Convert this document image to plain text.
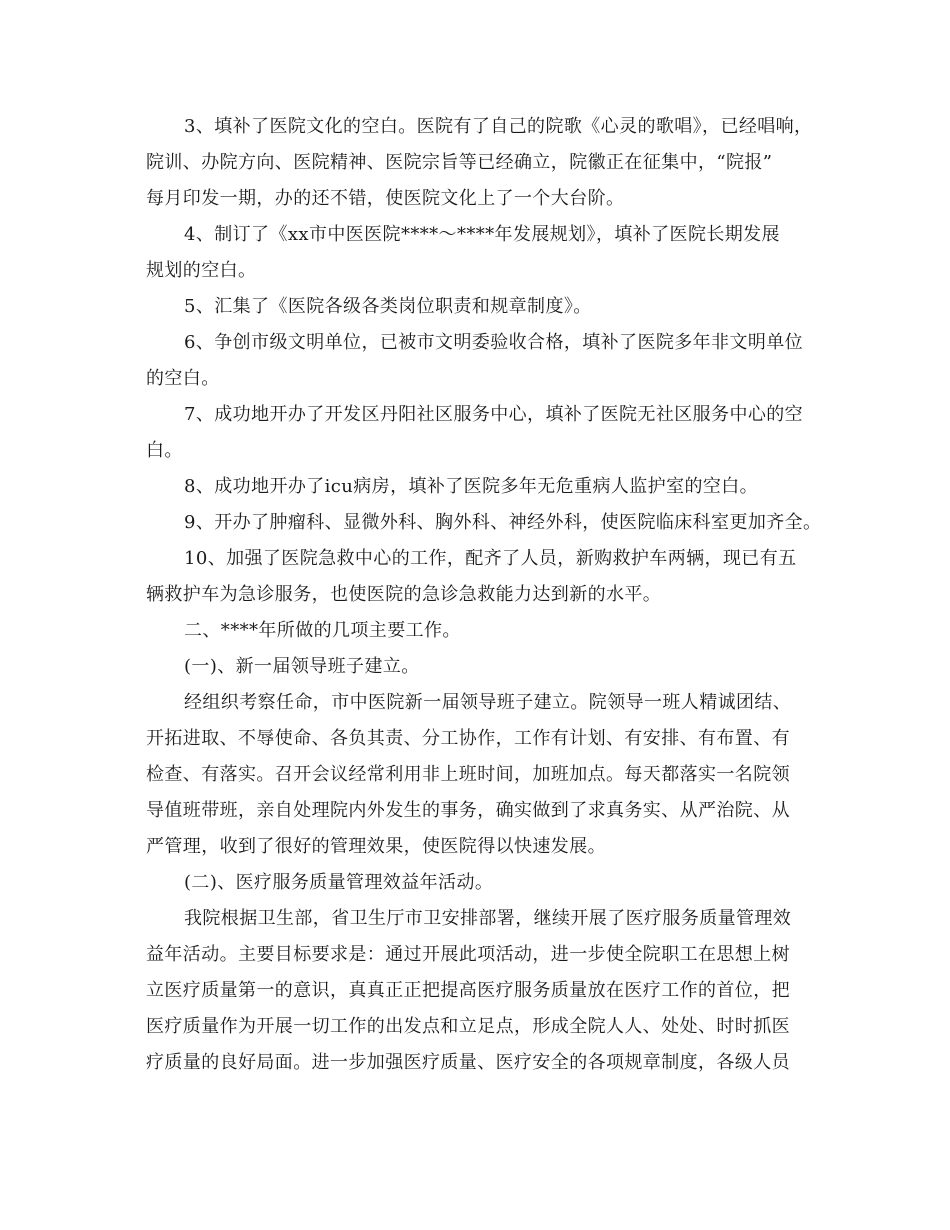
3、填补了医院文化的空白。医院有了自己的院歌《心灵的歌唱》，已经唱响，
院训、办院方向、医院精神、医院宗旨等已经确立，院徽正在征集中，“院报”
每月印发一期，办的还不错，使医院文化上了一个大台阶。
4、制订了《xx市中医医院****～****年发展规划》，填补了医院长期发展
规划的空白。
5、汇集了《医院各级各类岗位职责和规章制度》。
6、争创市级文明单位，已被市文明委验收合格，填补了医院多年非文明单位
的空白。
7、成功地开办了开发区丹阳社区服务中心，填补了医院无社区服务中心的空
白。
8、成功地开办了icu病房，填补了医院多年无危重病人监护室的空白。
9、开办了肿瘤科、显微外科、胸外科、神经外科，使医院临床科室更加齐全。
10、加强了医院急救中心的工作，配齐了人员，新购救护车两辆，现已有五
辆救护车为急诊服务，也使医院的急诊急救能力达到新的水平。
二、****年所做的几项主要工作。
(一)、新一届领导班子建立。
经组织考察任命，市中医院新一届领导班子建立。院领导一班人精诚团结、
开拓进取、不辱使命、各负其责、分工协作，工作有计划、有安排、有布置、有
检查、有落实。召开会议经常利用非上班时间，加班加点。每天都落实一名院领
导值班带班，亲自处理院内外发生的事务，确实做到了求真务实、从严治院、从
严管理，收到了很好的管理效果，使医院得以快速发展。
(二)、医疗服务质量管理效益年活动。
我院根据卫生部，省卫生厅市卫安排部署，继续开展了医疗服务质量管理效
益年活动。主要目标要求是：通过开展此项活动，进一步使全院职工在思想上树
立医疗质量第一的意识，真真正正把提高医疗服务质量放在医疗工作的首位，把
医疗质量作为开展一切工作的出发点和立足点，形成全院人人、处处、时时抓医
疗质量的良好局面。进一步加强医疗质量、医疗安全的各项规章制度，各级人员
